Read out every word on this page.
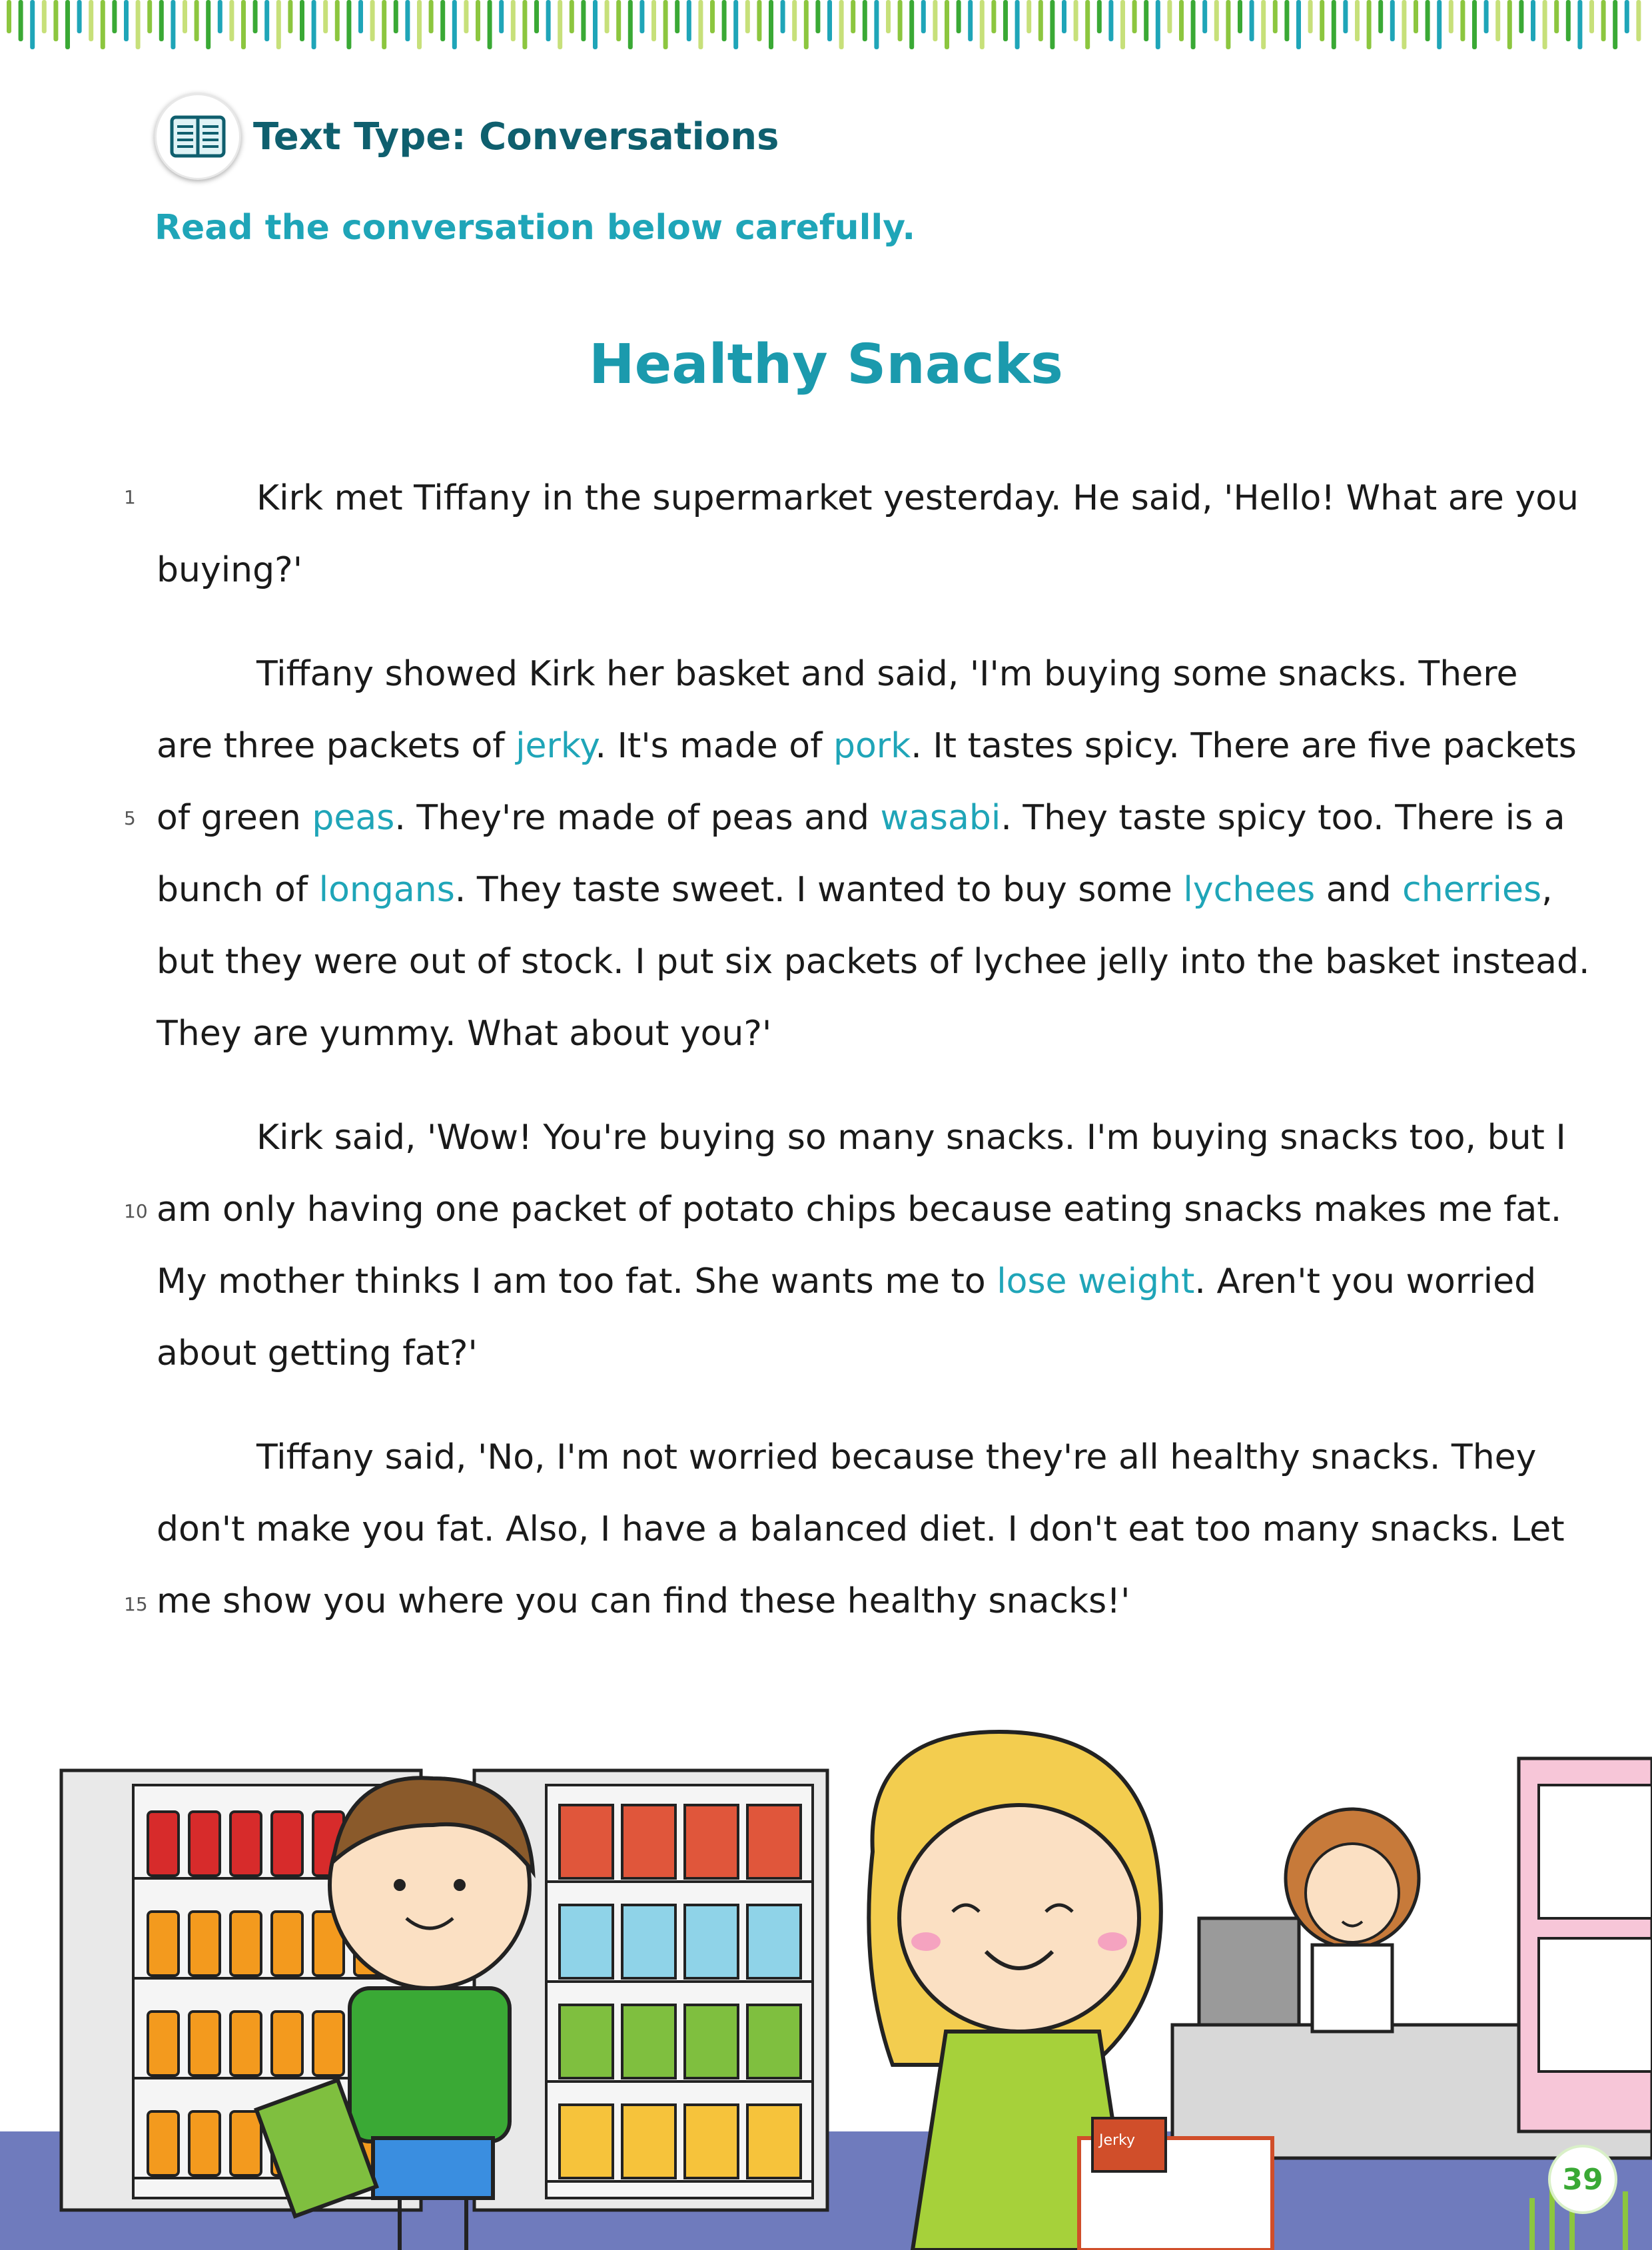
Text Type: Conversations
Read the conversation below carefully.
Healthy Snacks
1
5
10
15
Kirk met Tiffany in the supermarket yesterday. He said, 'Hello! What are you
buying?'
Tiffany showed Kirk her basket and said, 'I'm buying some snacks. There
are three packets of jerky. It's made of pork. It tastes spicy. There are five packets
of green peas. They're made of peas and wasabi. They taste spicy too. There is a
bunch of longans. They taste sweet. I wanted to buy some lychees and cherries,
but they were out of stock. I put six packets of lychee jelly into the basket instead.
They are yummy. What about you?'
Kirk said, 'Wow! You're buying so many snacks. I'm buying snacks too, but I
am only having one packet of potato chips because eating snacks makes me fat.
My mother thinks I am too fat. She wants me to lose weight. Aren't you worried
about getting fat?'
Tiffany said, 'No, I'm not worried because they're all healthy snacks. They
don't make you fat. Also, I have a balanced diet. I don't eat too many snacks. Let
me show you where you can find these healthy snacks!'
Jerky
39
